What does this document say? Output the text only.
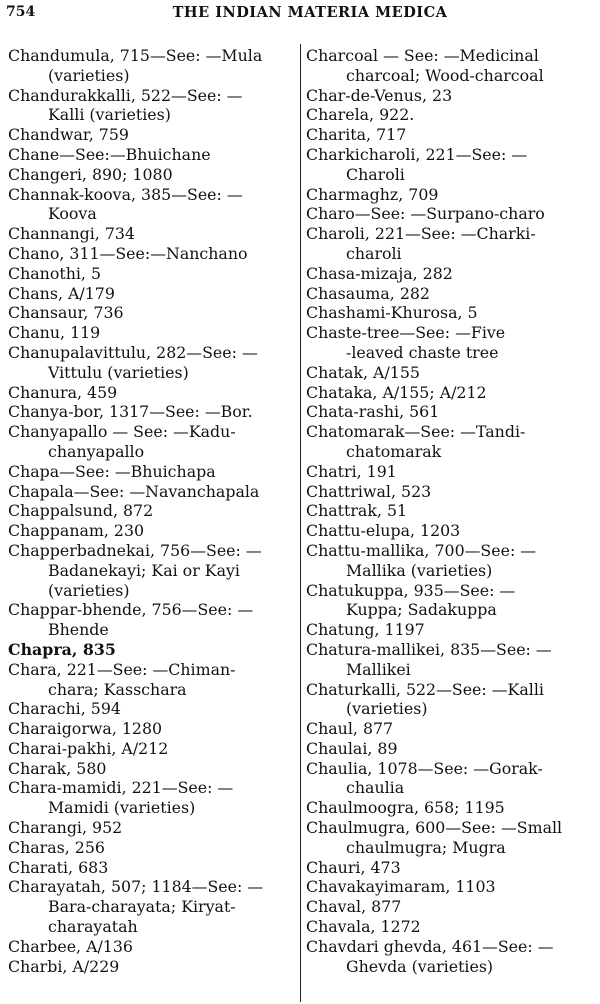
754	THE INDIAN MATERIA MEDICA
Chandumula, 715—See: —Mula
(varieties)
Chandurakkalli, 522—See: —
Kalli (varieties)
Chandwar, 759
Chane—See:—Bhuichane
Changeri, 890; 1080
Channak-koova, 385—See: —
Koova
Channangi, 734
Chano, 311—See:—Nanchano
Chanothi, 5
Chans, A/179
Chansaur, 736
Chanu, 119
Chanupalavittulu, 282—See: —
Vittulu (varieties)
Chanura, 459
Chanya-bor, 1317—See: —Bor.
Chanyapallo — See: —Kadu-
chanyapallo
Chapa—See: —Bhuichapa
Chapala—See: —Navanchapala
Chappalsund, 872
Chappanam, 230
Chapperbadnekai, 756—See: —
Badanekayi; Kai or Kayi
(varieties)
Chappar-bhende, 756—See: —
Bhende
Chapra, 835
Chara, 221—See: —Chiman-
chara; Kasschara
Charachi, 594
Charaigorwa, 1280
Charai-pakhi, A/212
Charak, 580
Chara-mamidi, 221—See: —
Mamidi (varieties)
Charangi, 952
Charas, 256
Charati, 683
Charayatah, 507; 1184—See: —
Bara-charayata; Kiryat-
charayatah
Charbee, A/136
Charbi, A/229
Charcoal — See: —Medicinal
charcoal; Wood-charcoal
Char-de-Venus, 23
Charela, 922.
Charita, 717
Charkicharoli, 221—See: —
Charoli
Charmaghz, 709
Charo—See: —Surpano-charo
Charoli, 221—See: —Charki-
charoli
Chasa-mizaja, 282
Chasauma, 282
Chashami-Khurosa, 5
Chaste-tree—See: —Five
-leaved chaste tree
Chatak, A/155
Chataka, A/155; A/212
Chata-rashi, 561
Chatomarak—See: —Tandi-
chatomarak
Chatri, 191
Chattriwal, 523
Chattrak, 51
Chattu-elupa, 1203
Chattu-mallika, 700—See: —
Mallika (varieties)
Chatukuppa, 935—See: —
Kuppa; Sadakuppa
Chatung, 1197
Chatura-mallikei, 835—See: —
Mallikei
Chaturkalli, 522—See: —Kalli
(varieties)
Chaul, 877
Chaulai, 89
Chaulia, 1078—See: —Gorak-
chaulia
Chaulmoogra, 658; 1195
Chaulmugra, 600—See: —Small
chaulmugra; Mugra
Chauri, 473
Chavakayimaram, 1103
Chaval, 877
Chavala, 1272
Chavdari ghevda, 461—See: —
Ghevda (varieties)
